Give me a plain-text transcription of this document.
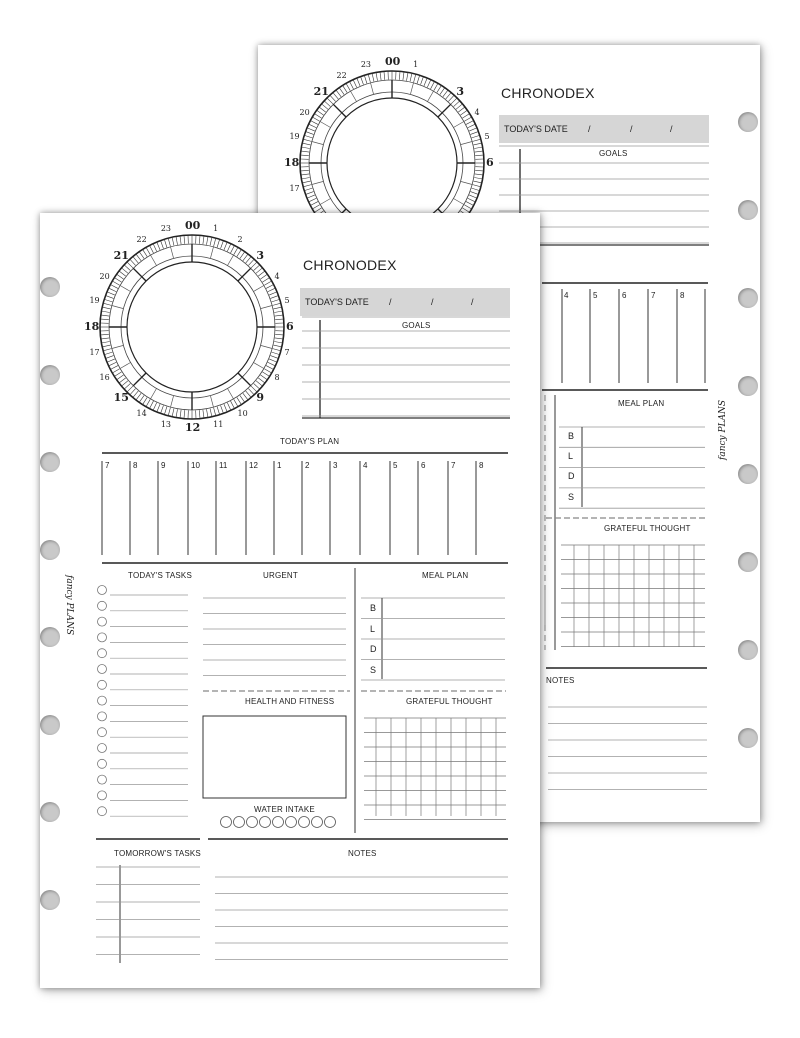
CHRONODEX
TODAY'S DATE /	/	/
GOALS
4	5	6	7	8
MEAL PLAN
B
L
D
S
GRATEFUL THOUGHT
NOTES
fancy PLANS
23 00 1
22
21	3
20	4
19	5
18	6
17
CHRONODEX
TODAY'S DATE /	/	/
GOALS
TODAY'S PLAN
7	8	9	10 11	12 1	2	3	4	5	6	7	8
TODAY'S TASKS	URGENT	MEAL PLAN
B
L
D
S
HEALTH AND FITNESS	GRATEFUL THOUGHT
WATER INTAKE
TOMORROW'S TASKS	NOTES
fancy PLANS
00 1
2
3
4
5
6
7
8
9
10
11
12
13
14
15
16
17
18
19
20
21
22
23
